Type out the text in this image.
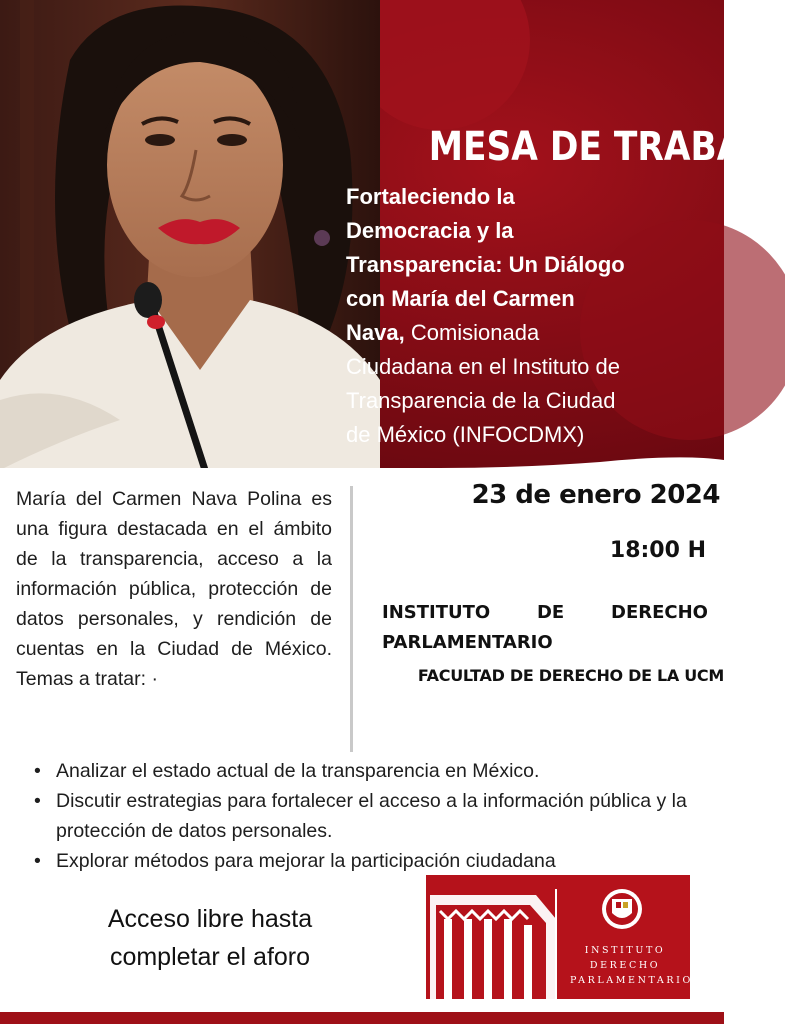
MESA DE TRABAJO
Fortaleciendo la
Democracia y la
Transparencia: Un Diálogo
con María del Carmen
Nava, Comisionada
Ciudadana en el Instituto de
Transparencia de la Ciudad
de México (INFOCDMX)
María del Carmen Nava Polina es una figura destacada en el ámbito de la transparencia, acceso a la información pública, protección de datos personales, y rendición de cuentas en la Ciudad de México. Temas a tratar: ·
23 de enero 2024
18:00 H
INSTITUTO	DE	DERECHO
PARLAMENTARIO
FACULTAD DE DERECHO DE LA UCM
• Analizar el estado actual de la transparencia en México.
• Discutir estrategias para fortalecer el acceso a la información pública y la protección de datos personales.
• Explorar métodos para mejorar la participación ciudadana
Acceso libre hasta
completar el aforo	INSTITUTO
DERECHO
PARLAMENTARIO
